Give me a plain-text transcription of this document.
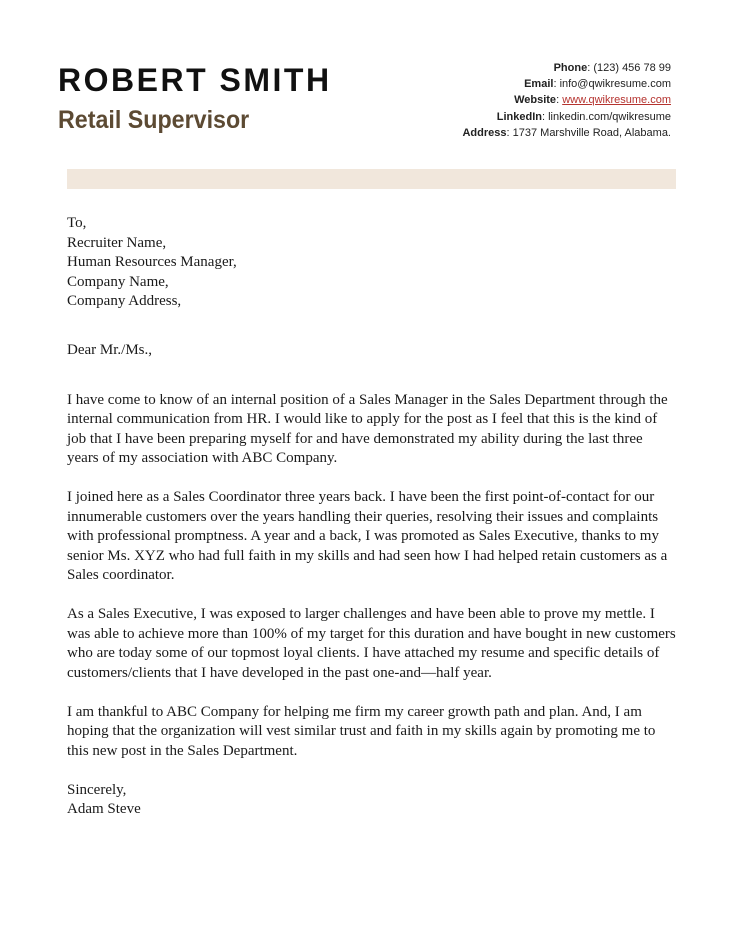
ROBERT SMITH
Retail Supervisor
Phone: (123) 456 78 99
Email: info@qwikresume.com
Website: www.qwikresume.com
LinkedIn: linkedin.com/qwikresume
Address: 1737 Marshville Road, Alabama.

To,
Recruiter Name,
Human Resources Manager,
Company Name,
Company Address,

Dear Mr./Ms.,

I have come to know of an internal position of a Sales Manager in the Sales Department through the internal communication from HR. I would like to apply for the post as I feel that this is the kind of job that I have been preparing myself for and have demonstrated my ability during the last three years of my association with ABC Company.

I joined here as a Sales Coordinator three years back. I have been the first point-of-contact for our innumerable customers over the years handling their queries, resolving their issues and complaints with professional promptness. A year and a back, I was promoted as Sales Executive, thanks to my senior Ms. XYZ who had full faith in my skills and had seen how I had helped retain customers as a Sales coordinator.

As a Sales Executive, I was exposed to larger challenges and have been able to prove my mettle. I was able to achieve more than 100% of my target for this duration and have bought in new customers who are today some of our topmost loyal clients. I have attached my resume and specific details of customers/clients that I have developed in the past one-and—half year.

I am thankful to ABC Company for helping me firm my career growth path and plan. And, I am hoping that the organization will vest similar trust and faith in my skills again by promoting me to this new post in the Sales Department.

Sincerely,
Adam Steve
